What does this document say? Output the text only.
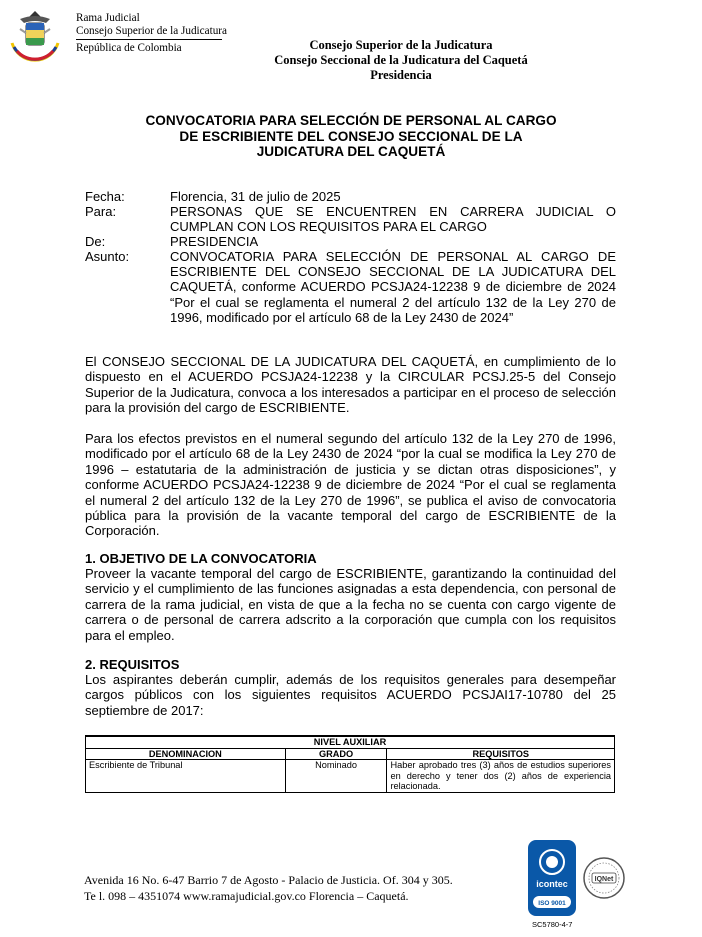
Rama Judicial
Consejo Superior de la Judicatura
República de Colombia	Consejo Superior de la Judicatura
Consejo Seccional de la Judicatura del Caquetá
Presidencia
CONVOCATORIA PARA SELECCIÓN DE PERSONAL AL CARGO
DE ESCRIBIENTE DEL CONSEJO SECCIONAL DE LA
JUDICATURA DEL CAQUETÁ
Fecha:	Florencia, 31 de julio de 2025
Para:	PERSONAS QUE SE ENCUENTREN EN CARRERA JUDICIAL O CUMPLAN CON LOS REQUISITOS PARA EL CARGO
De:	PRESIDENCIA
Asunto:	CONVOCATORIA PARA SELECCIÓN DE PERSONAL AL CARGO DE ESCRIBIENTE DEL CONSEJO SECCIONAL DE LA JUDICATURA DEL CAQUETÁ, conforme ACUERDO PCSJA24-12238 9 de diciembre de 2024 “Por el cual se reglamenta el numeral 2 del artículo 132 de la Ley 270 de 1996, modificado por el artículo 68 de la Ley 2430 de 2024”
El CONSEJO SECCIONAL DE LA JUDICATURA DEL CAQUETÁ, en cumplimiento de lo dispuesto en el ACUERDO PCSJA24-12238 y la CIRCULAR PCSJ.25-5 del Consejo Superior de la Judicatura, convoca a los interesados a participar en el proceso de selección para la provisión del cargo de ESCRIBIENTE.
Para los efectos previstos en el numeral segundo del artículo 132 de la Ley 270 de 1996, modificado por el artículo 68 de la Ley 2430 de 2024 “por la cual se modifica la Ley 270 de 1996 – estatutaria de la administración de justicia y se dictan otras disposiciones”, y conforme ACUERDO PCSJA24-12238 9 de diciembre de 2024 “Por el cual se reglamenta el numeral 2 del artículo 132 de la Ley 270 de 1996”, se publica el aviso de convocatoria pública para la provisión de la vacante temporal del cargo de ESCRIBIENTE de la Corporación.
1. OBJETIVO DE LA CONVOCATORIA
Proveer la vacante temporal del cargo de ESCRIBIENTE, garantizando la continuidad del servicio y el cumplimiento de las funciones asignadas a esta dependencia, con personal de carrera de la rama judicial, en vista de que a la fecha no se cuenta con cargo vigente de carrera o de personal de carrera adscrito a la corporación que cumpla con los requisitos para el empleo.
2. REQUISITOS
Los aspirantes deberán cumplir, además de los requisitos generales para desempeñar cargos públicos con los siguientes requisitos ACUERDO PCSJAI17-10780 del 25 septiembre de 2017:
NIVEL AUXILIAR		
DENOMINACION	GRADO	REQUISITOS
Escribiente de Tribunal	Nominado	Haber aprobado tres (3) años de estudios superiores en derecho y tener dos (2) años de experiencia relacionada.
Avenida 16 No. 6-47 Barrio 7 de Agosto - Palacio de Justicia. Of. 304 y 305.
Te l. 098 – 4351074 www.ramajudicial.gov.co Florencia – Caquetá.
icontec
ISO 9001
IQNet
SC5780-4-7
